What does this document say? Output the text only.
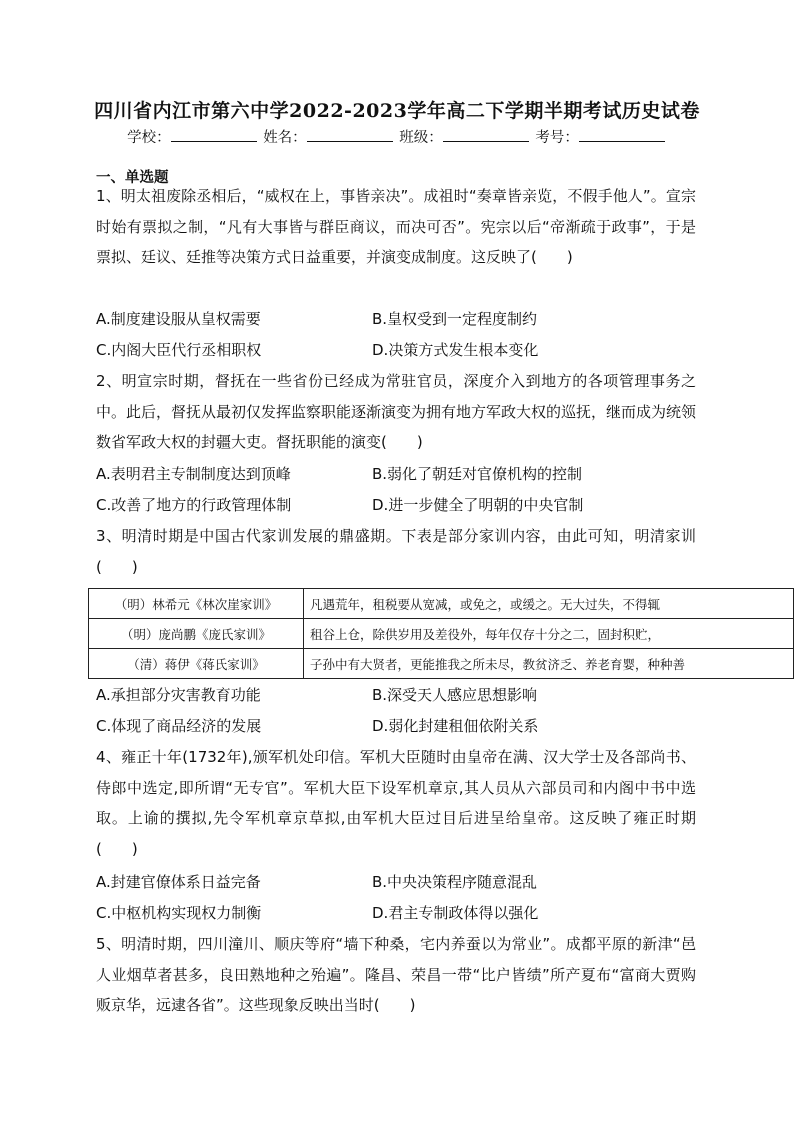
四川省内江市第六中学2022-2023学年高二下学期半期考试历史试卷
学校：	姓名：	班级：	考号：
一、单选题
1、明太祖废除丞相后，“威权在上，事皆亲决”。成祖时“奏章皆亲览，不假手他人”。宣宗时始有票拟之制，“凡有大事皆与群臣商议，而决可否”。宪宗以后“帝渐疏于政事”，于是票拟、廷议、廷推等决策方式日益重要，并演变成制度。这反映了(　　)
A.制度建设服从皇权需要	B.皇权受到一定程度制约
C.内阁大臣代行丞相职权	D.决策方式发生根本变化
2、明宣宗时期，督抚在一些省份已经成为常驻官员，深度介入到地方的各项管理事务之中。此后，督抚从最初仅发挥监察职能逐渐演变为拥有地方军政大权的巡抚，继而成为统领数省军政大权的封疆大吏。督抚职能的演变(　　)
A.表明君主专制制度达到顶峰	B.弱化了朝廷对官僚机构的控制
C.改善了地方的行政管理体制	D.进一步健全了明朝的中央官制
3、明清时期是中国古代家训发展的鼎盛期。下表是部分家训内容，由此可知，明清家训(　　)
（明）林希元《林次崖家训》	凡遇荒年，租税要从宽减，或免之，或缓之。无大过失，不得辄
（明）庞尚鹏《庞氏家训》	租谷上仓，除供岁用及差役外，每年仅存十分之二，固封积贮，
（清）蒋伊《蒋氏家训》	子孙中有大贤者，更能推我之所未尽，教贫济乏、养老育婴，种种善
A.承担部分灾害教育功能	B.深受天人感应思想影响
C.体现了商品经济的发展	D.弱化封建租佃依附关系
4、雍正十年(1732年),颁军机处印信。军机大臣随时由皇帝在满、汉大学士及各部尚书、侍郎中选定,即所谓“无专官”。军机大臣下设军机章京,其人员从六部员司和内阁中书中选取。上谕的撰拟,先令军机章京草拟,由军机大臣过目后进呈给皇帝。这反映了雍正时期(　　)
A.封建官僚体系日益完备	B.中央决策程序随意混乱
C.中枢机构实现权力制衡	D.君主专制政体得以强化
5、明清时期，四川潼川、顺庆等府“墙下种桑，宅内养蚕以为常业”。成都平原的新津“邑人业烟草者甚多，良田熟地种之殆遍”。隆昌、荣昌一带“比户皆绩”所产夏布“富商大贾购贩京华，远逮各省”。这些现象反映出当时(　　)
